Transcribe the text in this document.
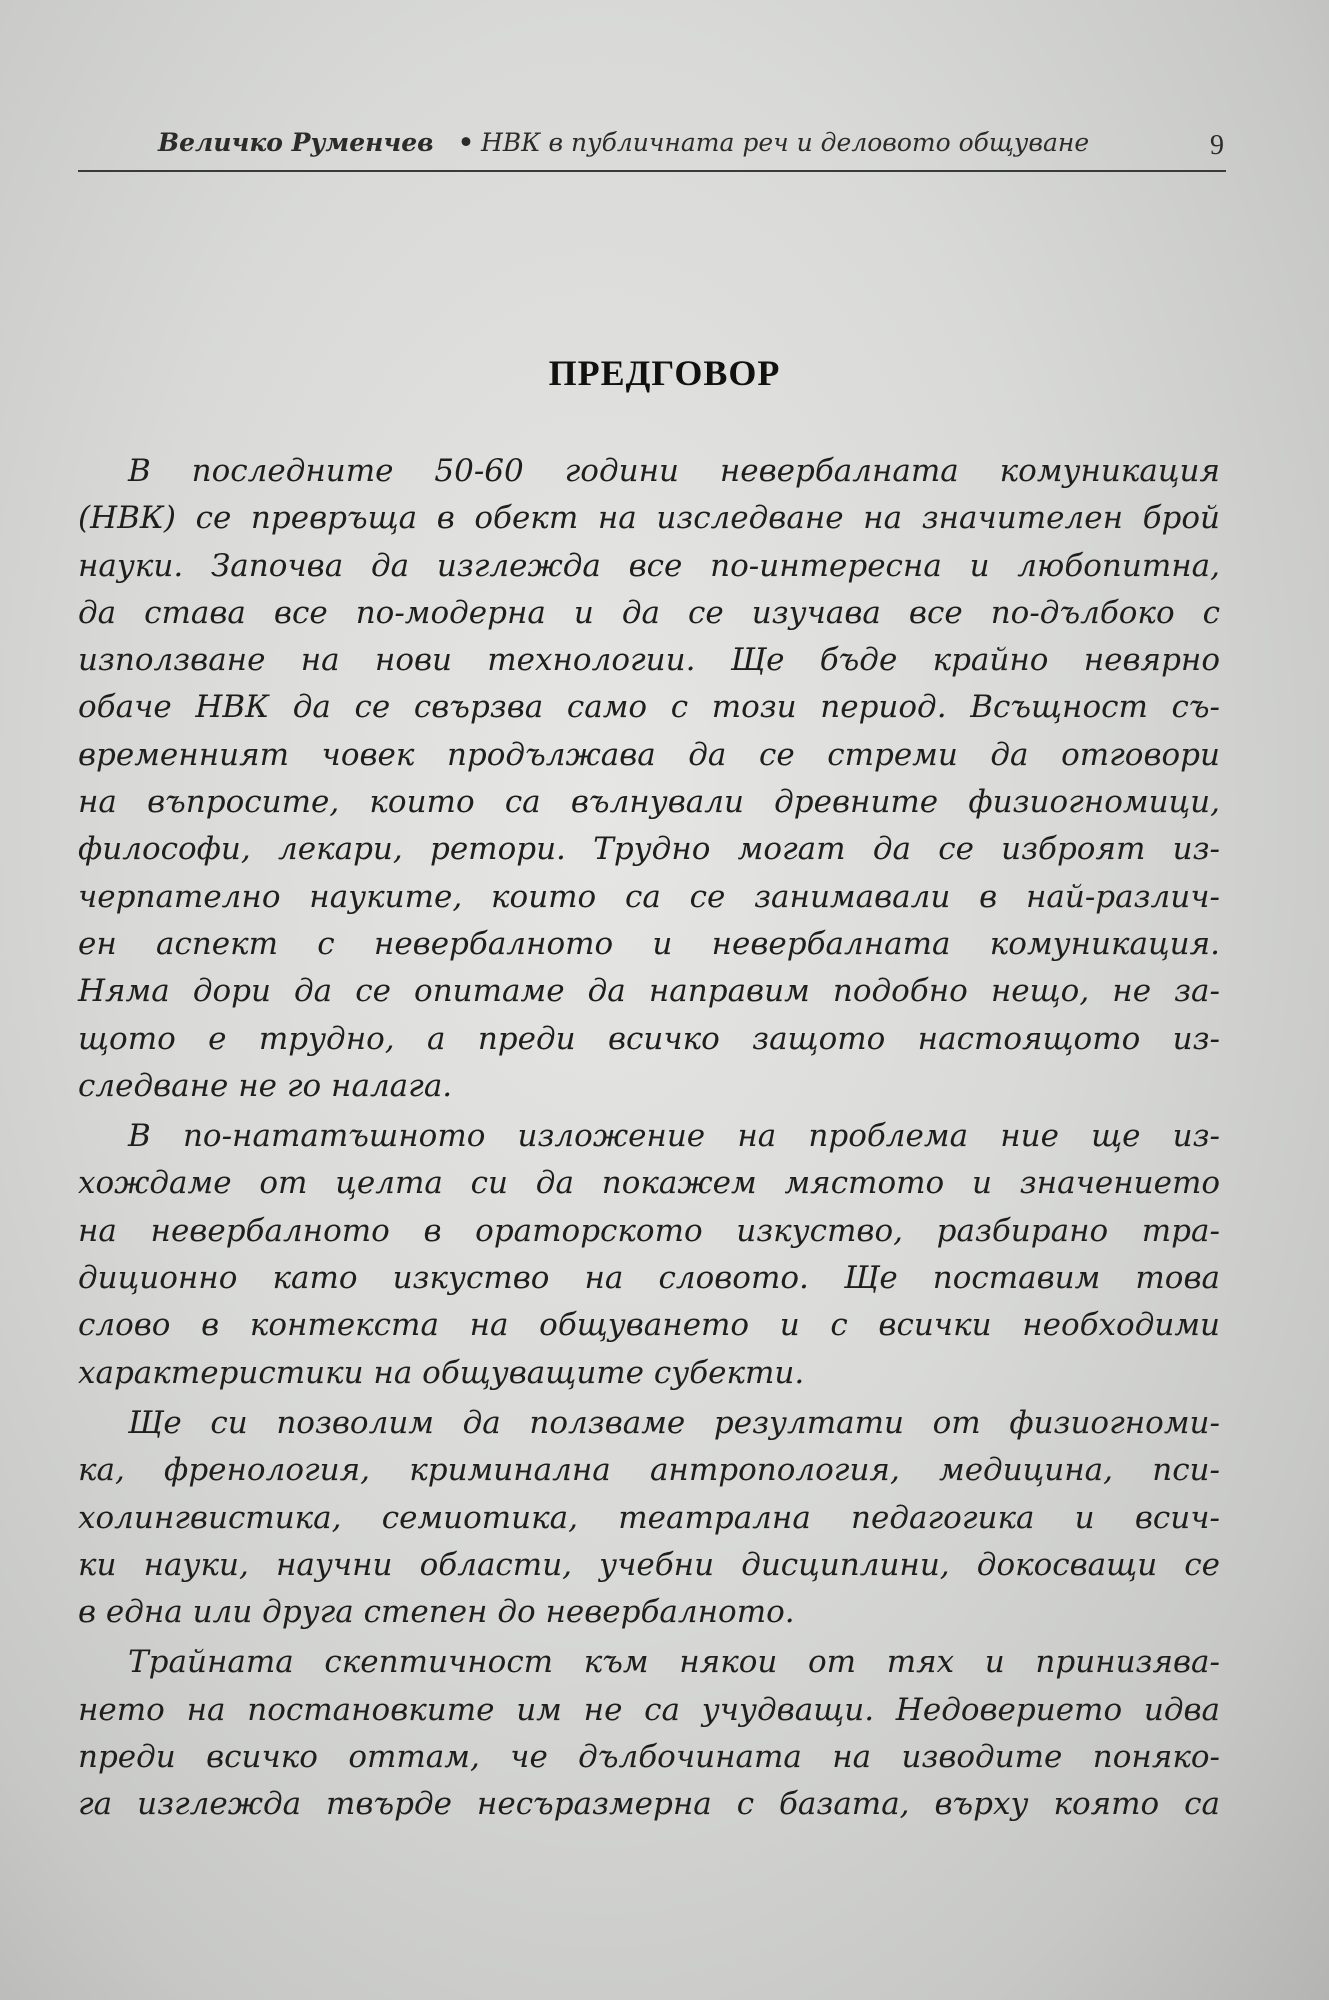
Величко Руменчев • НВК в публичната реч и деловото общуване	9
ПРЕДГОВОР
В последните 50-60 години невербалната комуникация
(НВК) се превръща в обект на изследване на значителен брой
науки. Започва да изглежда все по-интересна и любопитна,
да става все по-модерна и да се изучава все по-дълбоко с
използване на нови технологии. Ще бъде крайно невярно
обаче НВК да се свързва само с този период. Всъщност съ-
временният човек продължава да се стреми да отговори
на въпросите, които са вълнували древните физиогномици,
философи, лекари, ретори. Трудно могат да се изброят из-
черпателно науките, които са се занимавали в най-различ-
ен аспект с невербалното и невербалната комуникация.
Няма дори да се опитаме да направим подобно нещо, не за-
щото е трудно, а преди всичко защото настоящото из-
следване не го налага.
В по-нататъшното изложение на проблема ние ще из-
хождаме от целта си да покажем мястото и значението
на невербалното в ораторското изкуство, разбирано тра-
диционно като изкуство на словото. Ще поставим това
слово в контекста на общуването и с всички необходими
характеристики на общуващите субекти.
Ще си позволим да ползваме резултати от физиогноми-
ка, френология, криминална антропология, медицина, пси-
холингвистика, семиотика, театрална педагогика и всич-
ки науки, научни области, учебни дисциплини, докосващи се
в една или друга степен до невербалното.
Трайната скептичност към някои от тях и принизява-
нето на постановките им не са учудващи. Недоверието идва
преди всичко оттам, че дълбочината на изводите поняко-
га изглежда твърде несъразмерна с базата, върху която са
